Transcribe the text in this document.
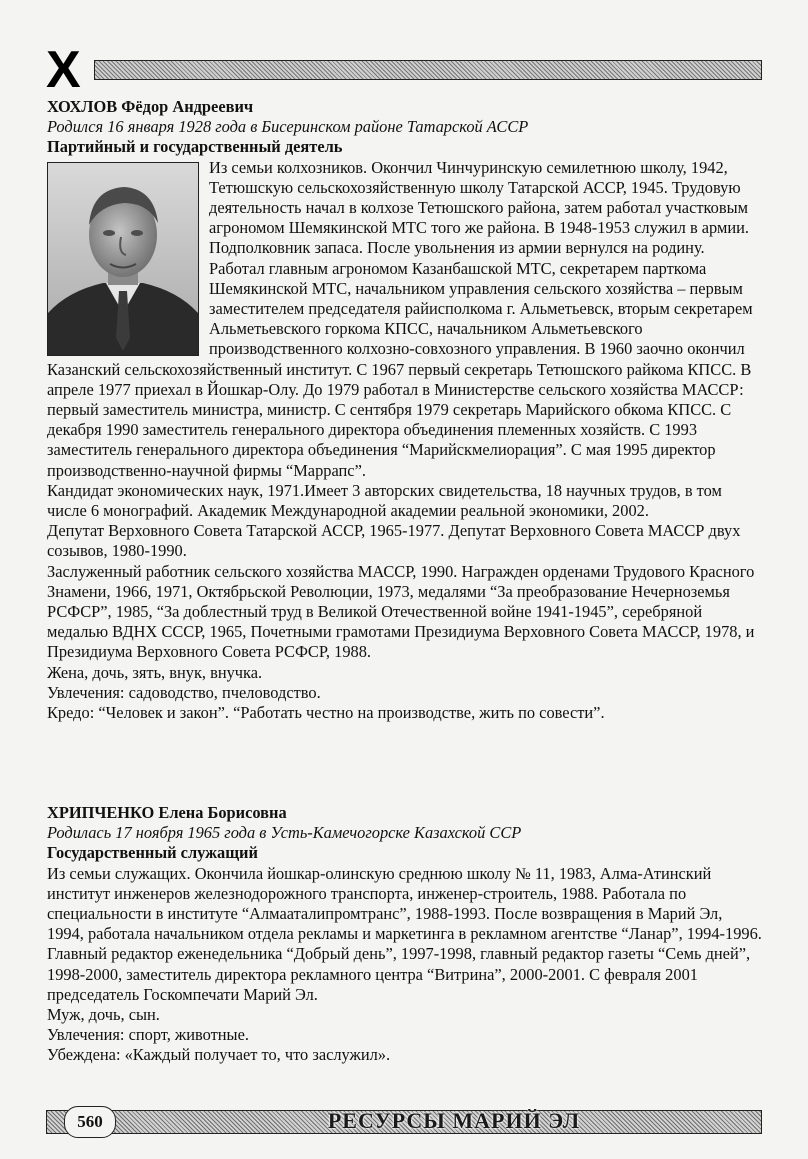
Х

ХОХЛОВ Фёдор Андреевич

Родился 16 января 1928 года в Бисеринском районе Татарской АССР

Партийный и государственный деятель

Из семьи колхозников. Окончил Чинчуринскую семилетнюю школу, 1942, Тетюшскую сельскохозяйственную школу Татарской АССР, 1945. Трудовую деятельность начал в колхозе Тетюшского района, затем работал участковым агрономом Шемякинской МТС того же района. В 1948-1953 служил в армии. Подполковник запаса. После увольнения из армии вернулся на родину. Работал главным агрономом Казанбашской МТС, секретарем парткома Шемякинской МТС, начальником управления сельского хозяйства – первым заместителем председателя райисполкома г. Альметьевск, вторым секретарем Альметьевского горкома КПСС, начальником Альметьевского производственного колхозно-совхозного управления. В 1960 заочно окончил Казанский сельскохозяйственный институт. С 1967 первый секретарь Тетюшского райкома КПСС. В апреле 1977 приехал в Йошкар-Олу. До 1979 работал в Министерстве сельского хозяйства МАССР: первый заместитель министра, министр. С сентября 1979 секретарь Марийского обкома КПСС. С декабря 1990 заместитель генерального директора объединения племенных хозяйств. С 1993 заместитель генерального директора объединения “Марийскмелиорация”. С мая 1995 директор производственно-научной фирмы “Маррапс”.

Кандидат экономических наук, 1971.Имеет 3 авторских свидетельства, 18 научных трудов, в том числе 6 монографий. Академик Международной академии реальной экономики, 2002.

Депутат Верховного Совета Татарской АССР, 1965-1977. Депутат Верховного Совета МАССР двух созывов, 1980-1990.

Заслуженный работник сельского хозяйства МАССР, 1990. Награжден орденами Трудового Красного Знамени, 1966, 1971, Октябрьской Революции, 1973, медалями “За преобразование Нечерноземья РСФСР”, 1985, “За доблестный труд в Великой Отечественной войне 1941-1945”, серебряной медалью ВДНХ СССР, 1965, Почетными грамотами Президиума Верховного Совета МАССР, 1978, и Президиума Верховного Совета РСФСР, 1988.

Жена, дочь, зять, внук, внучка.

Увлечения: садоводство, пчеловодство.

Кредо: “Человек и закон”. “Работать честно на производстве, жить по совести”.

ХРИПЧЕНКО Елена Борисовна

Родилась 17 ноября 1965 года в Усть-Камечогорске Казахской ССР

Государственный служащий

Из семьи служащих. Окончила йошкар-олинскую среднюю школу № 11, 1983, Алма-Атинский институт инженеров железнодорожного транспорта, инженер-строитель, 1988. Работала по специальности в институте “Алмааталипромтранс”, 1988-1993. После возвращения в Марий Эл, 1994, работала начальником отдела рекламы и маркетинга в рекламном агентстве “Ланар”, 1994-1996. Главный редактор еженедельника “Добрый день”, 1997-1998, главный редактор газеты “Семь дней”, 1998-2000, заместитель директора рекламного центра “Витрина”, 2000-2001. С февраля 2001 председатель Госкомпечати Марий Эл.

Муж, дочь, сын.

Увлечения: спорт, животные.

Убеждена: «Каждый получает то, что заслужил».

560	РЕСУРСЫ МАРИЙ ЭЛ
